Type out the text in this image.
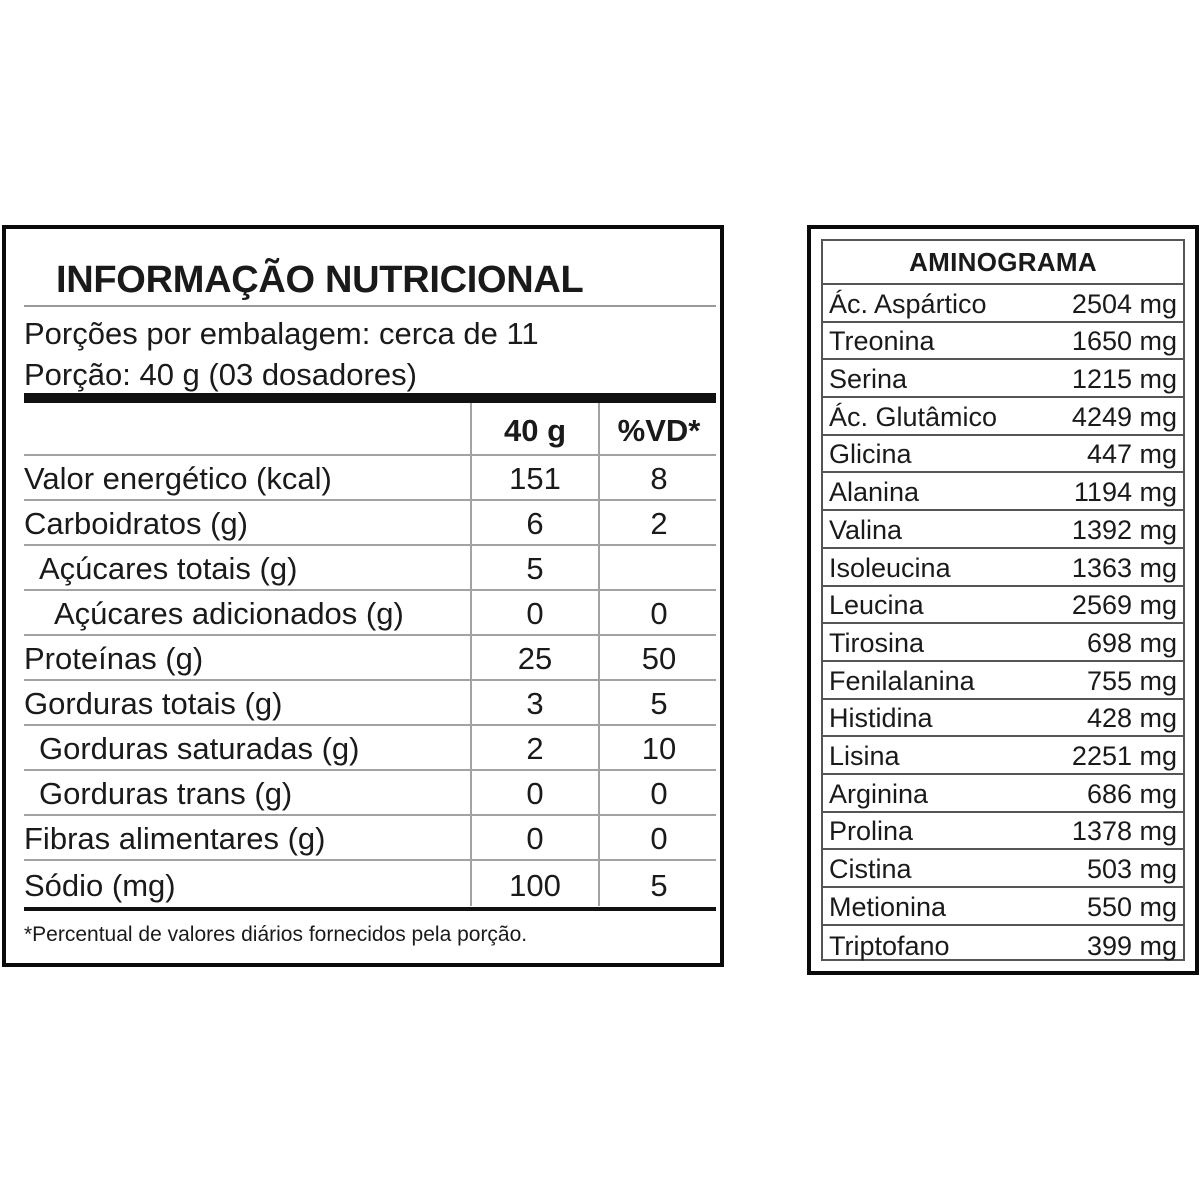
INFORMAÇÃO NUTRICIONAL
Porções por embalagem: cerca de 11
Porção: 40 g (03 dosadores)
40 g	%VD*
Valor energético (kcal)	151	8
Carboidratos (g)	6	2
Açúcares totais (g)	5
Açúcares adicionados (g)	0	0
Proteínas (g)	25	50
Gorduras totais (g)	3	5
Gorduras saturadas (g)	2	10
Gorduras trans (g)	0	0
Fibras alimentares (g)	0	0
Sódio (mg)	100	5
*Percentual de valores diários fornecidos pela porção.
AMINOGRAMA
Ác. Aspártico	2504 mg
Treonina	1650 mg
Serina	1215 mg
Ác. Glutâmico	4249 mg
Glicina	447 mg
Alanina	1194 mg
Valina	1392 mg
Isoleucina	1363 mg
Leucina	2569 mg
Tirosina	698 mg
Fenilalanina	755 mg
Histidina	428 mg
Lisina	2251 mg
Arginina	686 mg
Prolina	1378 mg
Cistina	503 mg
Metionina	550 mg
Triptofano	399 mg
